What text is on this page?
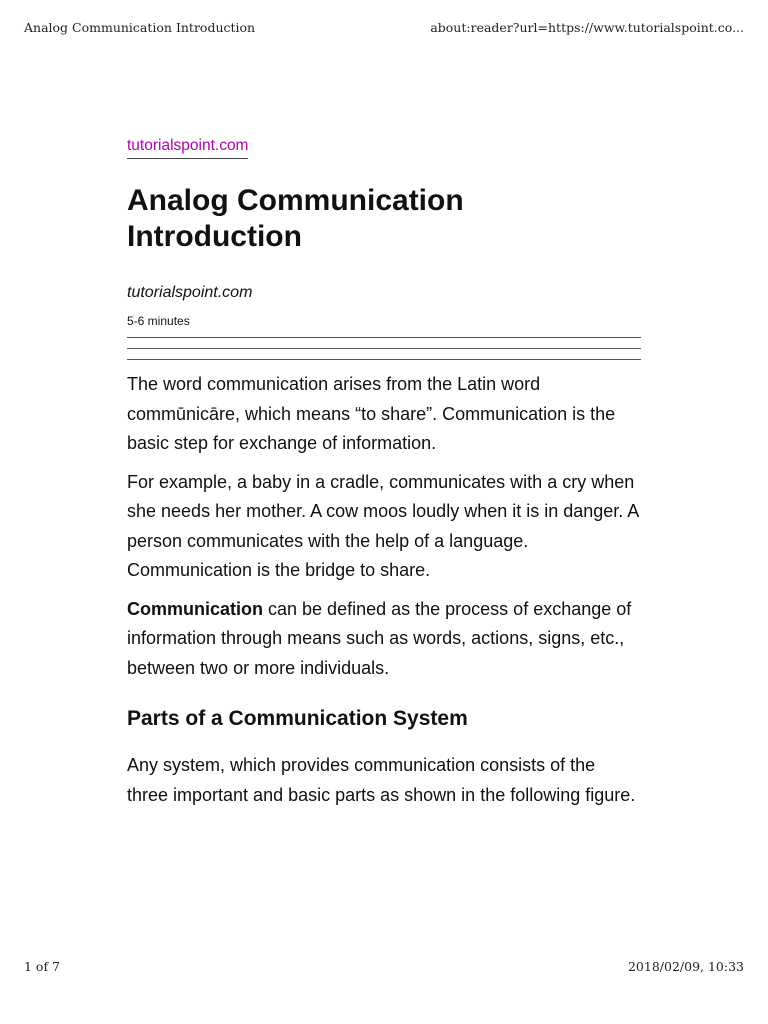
Analog Communication Introduction	about:reader?url=https://www.tutorialspoint.co...
tutorialspoint.com
Analog Communication
Introduction
tutorialspoint.com
5-6 minutes

The word communication arises from the Latin word commūnicāre, which means “to share”. Communication is the basic step for exchange of information.

For example, a baby in a cradle, communicates with a cry when she needs her mother. A cow moos loudly when it is in danger. A person communicates with the help of a language. Communication is the bridge to share.

Communication can be defined as the process of exchange of information through means such as words, actions, signs, etc., between two or more individuals.

Parts of a Communication System

Any system, which provides communication consists of the three important and basic parts as shown in the following figure.

1 of 7	2018/02/09, 10:33
